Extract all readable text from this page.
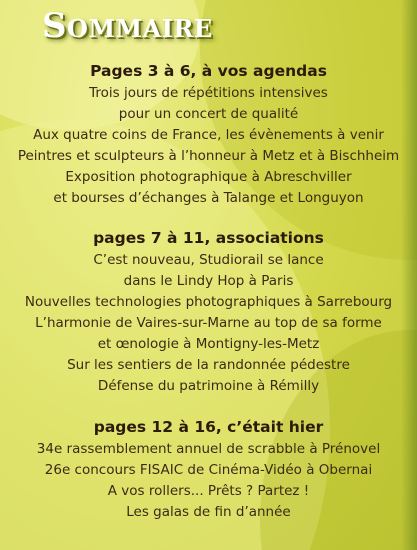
Sommaire
Pages 3 à 6, à vos agendas
Trois jours de répétitions intensives
pour un concert de qualité
Aux quatre coins de France, les évènements à venir
Peintres et sculpteurs à l’honneur à Metz et à Bischheim
Exposition photographique à Abreschviller
et bourses d’échanges à Talange et Longuyon
pages 7 à 11, associations
C’est nouveau, Studiorail se lance
dans le Lindy Hop à Paris
Nouvelles technologies photographiques à Sarrebourg
L’harmonie de Vaires-sur-Marne au top de sa forme
et œnologie à Montigny-les-Metz
Sur les sentiers de la randonnée pédestre
Défense du patrimoine à Rémilly
pages 12 à 16, c’était hier
34e rassemblement annuel de scrabble à Prénovel
26e concours FISAIC de Cinéma-Vidéo à Obernai
A vos rollers... Prêts ? Partez !
Les galas de fin d’année
